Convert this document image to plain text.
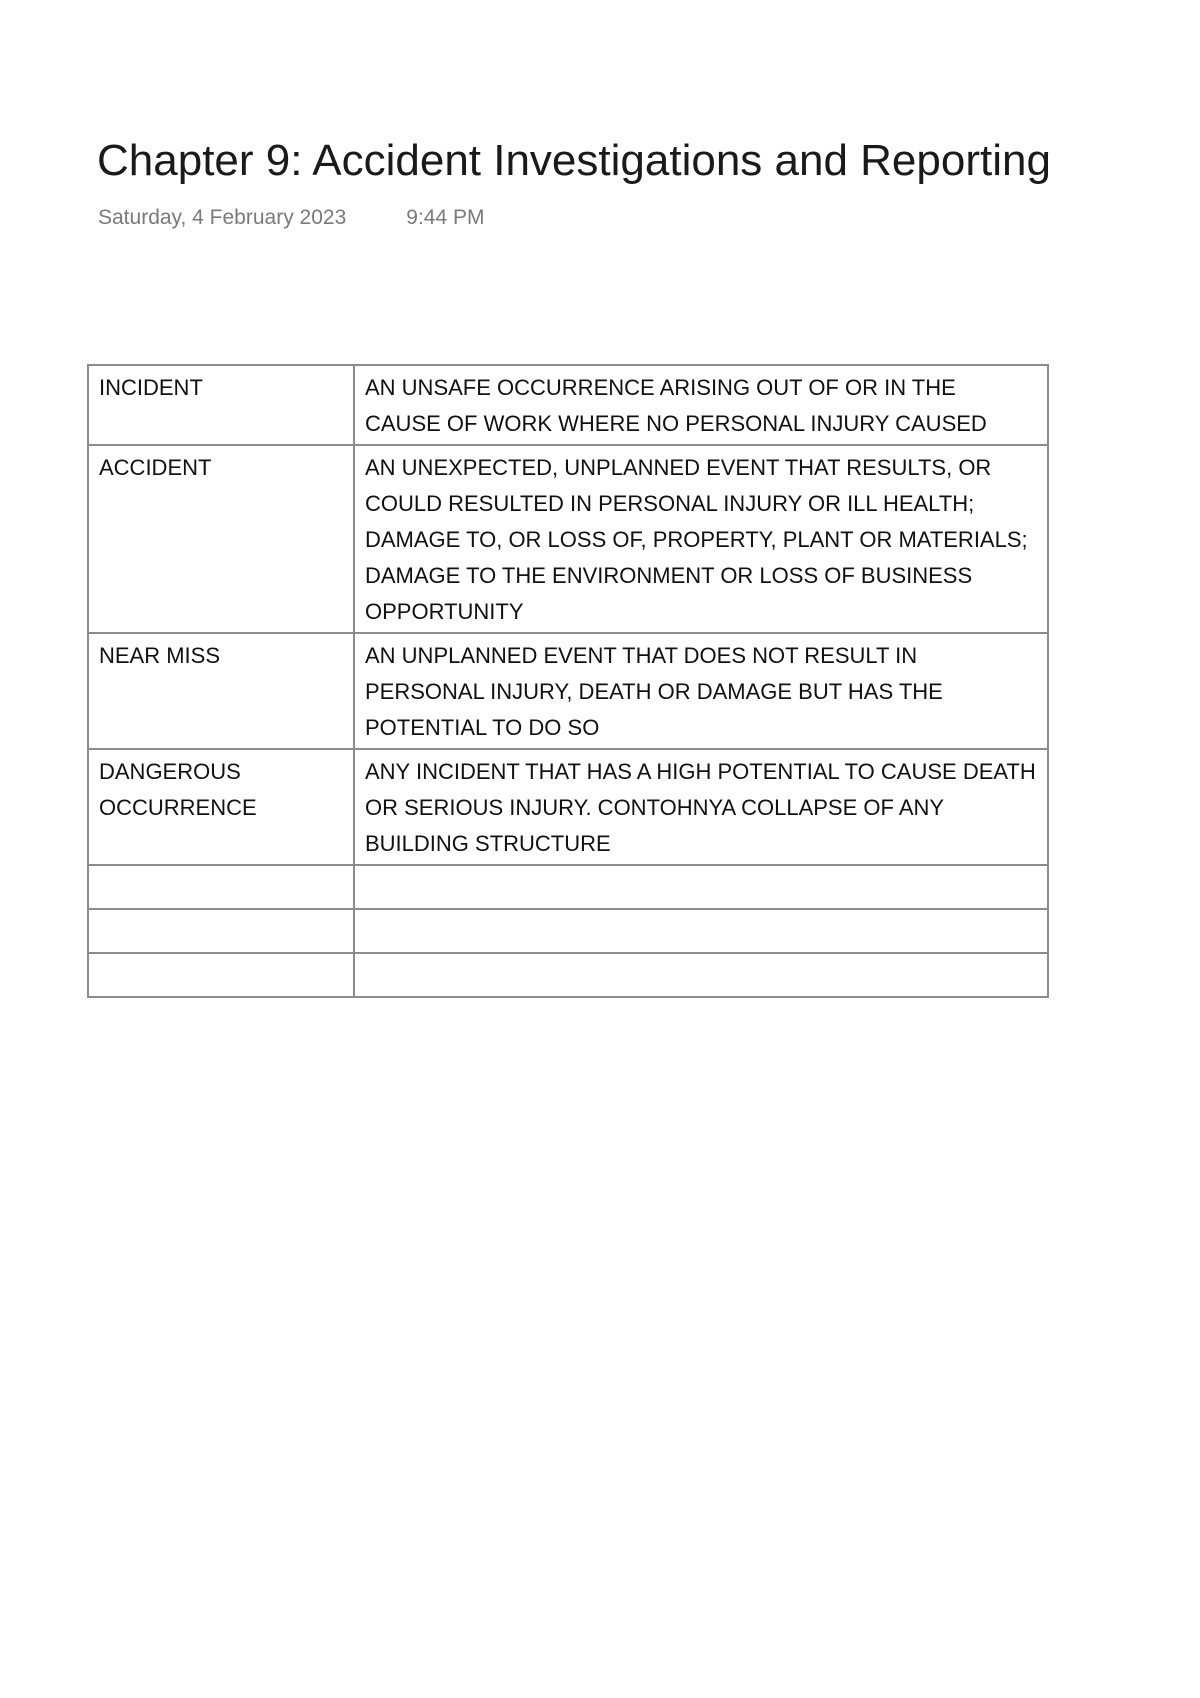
Chapter 9: Accident Investigations and Reporting
Saturday, 4 February 2023	9:44 PM
INCIDENT	AN UNSAFE OCCURRENCE ARISING OUT OF OR IN THE CAUSE OF WORK WHERE NO PERSONAL INJURY CAUSED
ACCIDENT	AN UNEXPECTED, UNPLANNED EVENT THAT RESULTS, OR COULD RESULTED IN PERSONAL INJURY OR ILL HEALTH; DAMAGE TO, OR LOSS OF, PROPERTY, PLANT OR MATERIALS; DAMAGE TO THE ENVIRONMENT OR LOSS OF BUSINESS OPPORTUNITY
NEAR MISS	AN UNPLANNED EVENT THAT DOES NOT RESULT IN PERSONAL INJURY, DEATH OR DAMAGE BUT HAS THE POTENTIAL TO DO SO
DANGEROUS OCCURRENCE	ANY INCIDENT THAT HAS A HIGH POTENTIAL TO CAUSE DEATH OR SERIOUS INJURY. CONTOHNYA COLLAPSE OF ANY BUILDING STRUCTURE
